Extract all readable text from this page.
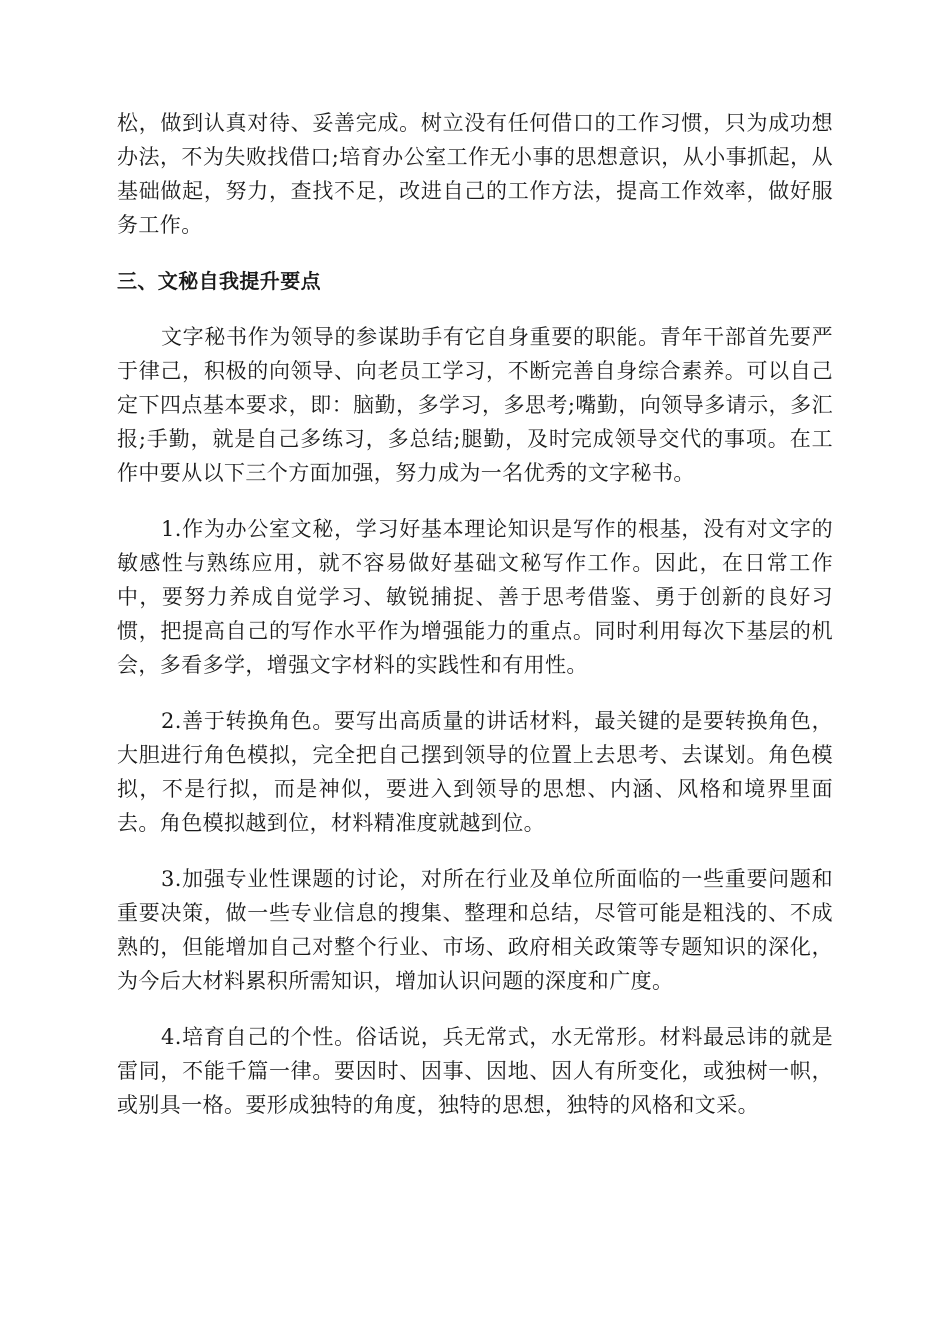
松，做到认真对待、妥善完成。树立没有任何借口的工作习惯，只为成功想办法，不为失败找借口;培育办公室工作无小事的思想意识，从小事抓起，从基础做起，努力，查找不足，改进自己的工作方法，提高工作效率，做好服务工作。

三、文秘自我提升要点

文字秘书作为领导的参谋助手有它自身重要的职能。青年干部首先要严于律己，积极的向领导、向老员工学习，不断完善自身综合素养。可以自己定下四点基本要求，即：脑勤，多学习，多思考;嘴勤，向领导多请示，多汇报;手勤，就是自己多练习，多总结;腿勤，及时完成领导交代的事项。在工作中要从以下三个方面加强，努力成为一名优秀的文字秘书。

1.作为办公室文秘，学习好基本理论知识是写作的根基，没有对文字的敏感性与熟练应用，就不容易做好基础文秘写作工作。因此，在日常工作中，要努力养成自觉学习、敏锐捕捉、善于思考借鉴、勇于创新的良好习惯，把提高自己的写作水平作为增强能力的重点。同时利用每次下基层的机会，多看多学，增强文字材料的实践性和有用性。

2.善于转换角色。要写出高质量的讲话材料，最关键的是要转换角色，大胆进行角色模拟，完全把自己摆到领导的位置上去思考、去谋划。角色模拟，不是行拟，而是神似，要进入到领导的思想、内涵、风格和境界里面去。角色模拟越到位，材料精准度就越到位。

3.加强专业性课题的讨论，对所在行业及单位所面临的一些重要问题和重要决策，做一些专业信息的搜集、整理和总结，尽管可能是粗浅的、不成熟的，但能增加自己对整个行业、市场、政府相关政策等专题知识的深化，为今后大材料累积所需知识，增加认识问题的深度和广度。

4.培育自己的个性。俗话说，兵无常式，水无常形。材料最忌讳的就是雷同，不能千篇一律。要因时、因事、因地、因人有所变化，或独树一帜，或别具一格。要形成独特的角度，独特的思想，独特的风格和文采。
